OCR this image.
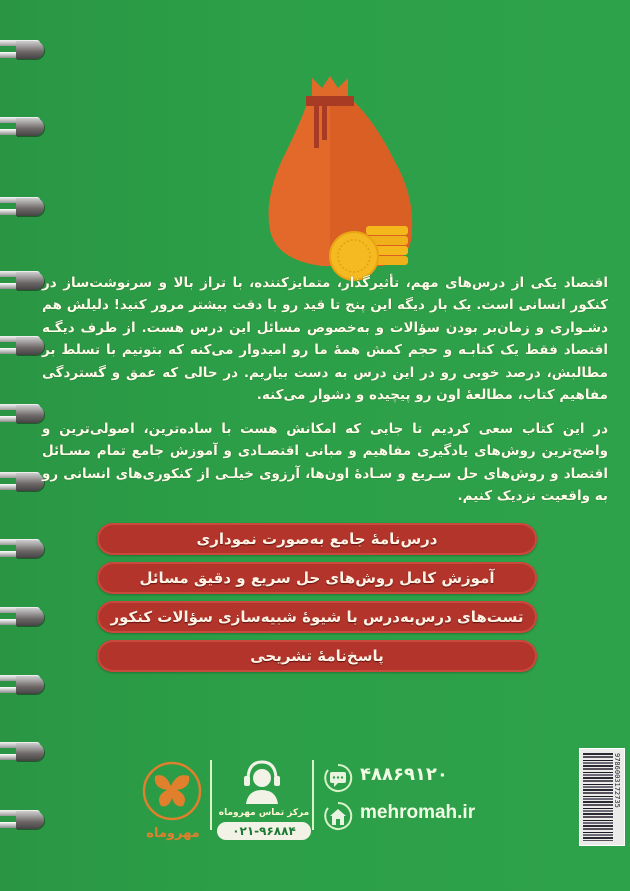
اقتصاد یکی از درس‌های مهم، تأثیرگذار، متمایزکننده، با تراز بالا و سرنوشت‌ساز در کنکور انسانی است. یک بار دیگه این پنج تا قید رو با دقت بیشتر مرور کنید! دلیلش هم دشـواری و زمان‌بر بودن سؤالات و به‌خصوص مسائل این درس هست. از طرف دیگـه اقتصاد فقط یک کتابـه و حجم کمش همهٔ ما رو امیدوار می‌کنه که بتونیم با تسلط بر مطالبش، درصد خوبی رو در این درس به دست بیاریم. در حالی که عمق و گستردگی مفاهیم کتاب، مطالعهٔ اون رو پیچیده و دشوار می‌کنه.

در این کتاب سعی کردیم تا جایی که امکانش هست با ساده‌ترین، اصولی‌ترین و واضح‌ترین روش‌های یادگیری مفاهیم و مبانی اقتصـادی و آموزش جامع تمام مسـائل اقتصاد و روش‌های حل سـریع و سـادهٔ اون‌ها، آرزوی خیلـی از کنکوری‌های انسانی رو به واقعیت نزدیک کنیم.

درس‌نامهٔ جامع به‌صورت نموداری
آموزش کامل روش‌های حل سریع و دقیق مسائل
تست‌های درس‌به‌درس با شیوهٔ شبیه‌سازی سؤالات کنکور
پاسخ‌نامهٔ تشریحی
مهروماه
مرکز تماس مهروماه
۰۲۱-۹۶۸۸۴
۰۲۱۹۶۸۸۴
mehromah.ir
9786003172735
